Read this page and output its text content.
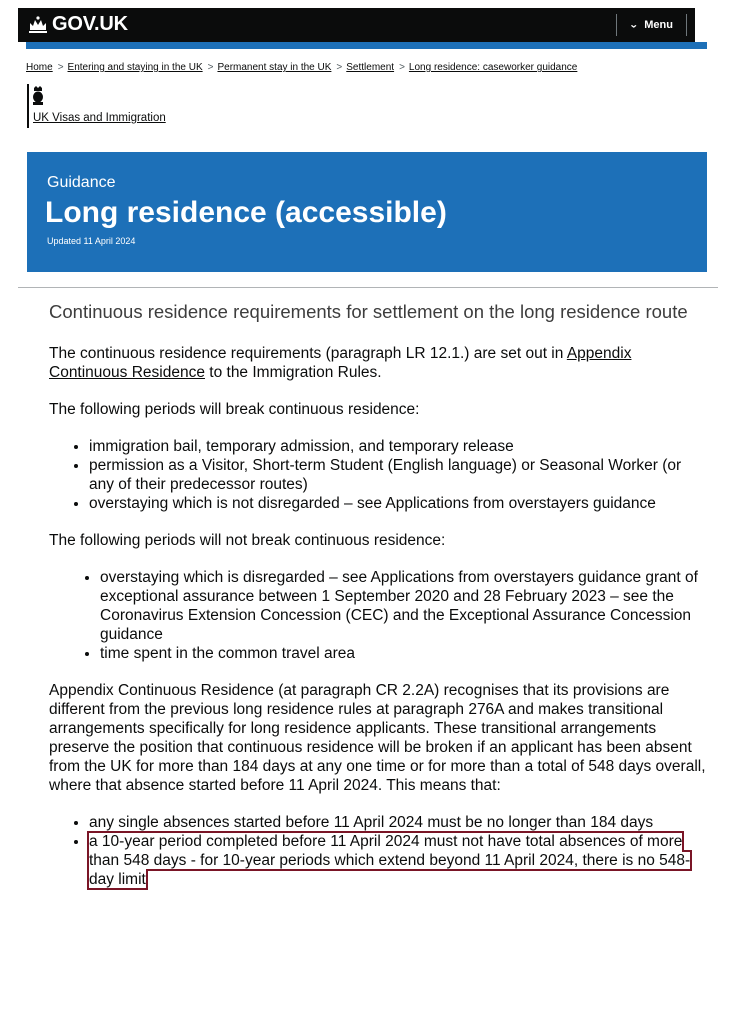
GOV.UK	⌄ Menu
Home > Entering and staying in the UK > Permanent stay in the UK > Settlement > Long residence: caseworker guidance
UK Visas and Immigration
Guidance
Long residence (accessible)
Updated 11 April 2024
Continuous residence requirements for settlement on the long residence route

The continuous residence requirements (paragraph LR 12.1.) are set out in Appendix Continuous Residence to the Immigration Rules.

The following periods will break continuous residence:

• immigration bail, temporary admission, and temporary release
• permission as a Visitor, Short-term Student (English language) or Seasonal Worker (or any of their predecessor routes)
• overstaying which is not disregarded – see Applications from overstayers guidance

The following periods will not break continuous residence:

• overstaying which is disregarded – see Applications from overstayers guidance grant of exceptional assurance between 1 September 2020 and 28 February 2023 – see the Coronavirus Extension Concession (CEC) and the Exceptional Assurance Concession guidance
• time spent in the common travel area

Appendix Continuous Residence (at paragraph CR 2.2A) recognises that its provisions are different from the previous long residence rules at paragraph 276A and makes transitional arrangements specifically for long residence applicants. These transitional arrangements preserve the position that continuous residence will be broken if an applicant has been absent from the UK for more than 184 days at any one time or for more than a total of 548 days overall, where that absence started before 11 April 2024. This means that:

• any single absences started before 11 April 2024 must be no longer than 184 days
• a 10-year period completed before 11 April 2024 must not have total absences of more than 548 days - for 10-year periods which extend beyond 11 April 2024, there is no 548-day limit
